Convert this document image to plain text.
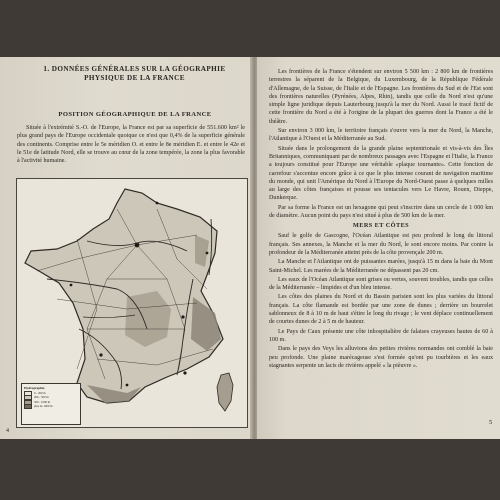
1. DONNÉES GÉNÉRALES SUR LA GÉOGRAPHIE PHYSIQUE DE LA FRANCE
POSITION GÉOGRAPHIQUE DE LA FRANCE

Située à l'extrémité S.-O. de l'Europe, la France est par sa superficie de 551.600 km² le plus grand pays de l'Europe occidentale quoique ce n'est que 0,4% de la superficie générale des continents. Comprise entre le 5e méridien O. et entre le 8e méridien E. et entre le 42e et le 51e de latitude Nord, elle se trouve au cœur de la zone tempérée, la zone la plus favorable à l'activité humaine.

Hydrographie
0 - 200 m
200 - 500 m
500 - 1000 m
plus de 1000 m
4

Les frontières de la France s'étendent sur environ 5 500 km : 2 800 km de frontières terrestres la séparent de la Belgique, du Luxembourg, de la République Fédérale d'Allemagne, de la Suisse, de l'Italie et de l'Espagne. Les frontières du Sud et de l'Est sont des frontières naturelles (Pyrénées, Alpes, Rhin), tandis que celle du Nord n'est qu'une simple ligne juridique depuis Lauterbourg jusqu'à la mer du Nord. Aussi le tracé fictif de cette frontière du Nord a été à l'origine de la plupart des guerres dont la France a été le théâtre.

Sur environ 3 000 km, le territoire français s'ouvre vers la mer du Nord, la Manche, l'Atlantique à l'Ouest et la Méditerranée au Sud.

Située dans le prolongement de la grande plaine septentrionale et vis-à-vis des Îles Britanniques, communiquant par de nombreux passages avec l'Espagne et l'Italie, la France a toujours constitué pour l'Europe une véritable «plaque tournante». Cette fonction de carrefour s'accentue encore grâce à ce que le plus intense courant de navigation maritime du monde, qui unit l'Amérique du Nord à l'Europe du Nord-Ouest passe à quelques milles au large des côtes françaises et pousse ses tentacules vers Le Havre, Rouen, Dieppe, Dunkerque.

Par sa forme la France est un hexagone qui peut s'inscrire dans un cercle de 1 000 km de diamètre. Aucun point du pays n'est situé à plus de 500 km de la mer.

MERS ET CÔTES

Sauf le golfe de Gascogne, l'Océan Atlantique est peu profond le long du littoral français. Ses annexes, la Manche et la mer du Nord, le sont encore moins. Par contre la profondeur de la Méditerranée atteint près de la côte provençale 200 m.

La Manche et l'Atlantique ont de puissantes marées, jusqu'à 15 m dans la baie du Mont Saint-Michel. Les marées de la Méditerranée ne dépassent pas 20 cm.

Les eaux de l'Océan Atlantique sont grises ou vertes, souvent troubles, tandis que celles de la Méditerranée – limpides et d'un bleu intense.

Les côtes des plaines du Nord et du Bassin parisien sont les plus variées du littoral français. La côte flamande est bordée par une zone de dunes ; derrière un bourrelet sablonneux de 8 à 10 m de haut s'étire le long du rivage ; le vent déplace continuellement de courtes dunes de 2 à 5 m de hauteur.

Le Pays de Caux présente une côte inhospitalière de falaises crayeuses hautes de 60 à 100 m.

Dans le pays des Veys les alluvions des petites rivières normandes ont comblé la baie peu profonde. Une plaine marécageuse s'est formée qu'ont pu tourbières et les eaux stagnantes serpente un lacis de rivières appelé « la pièuvre ».

5
